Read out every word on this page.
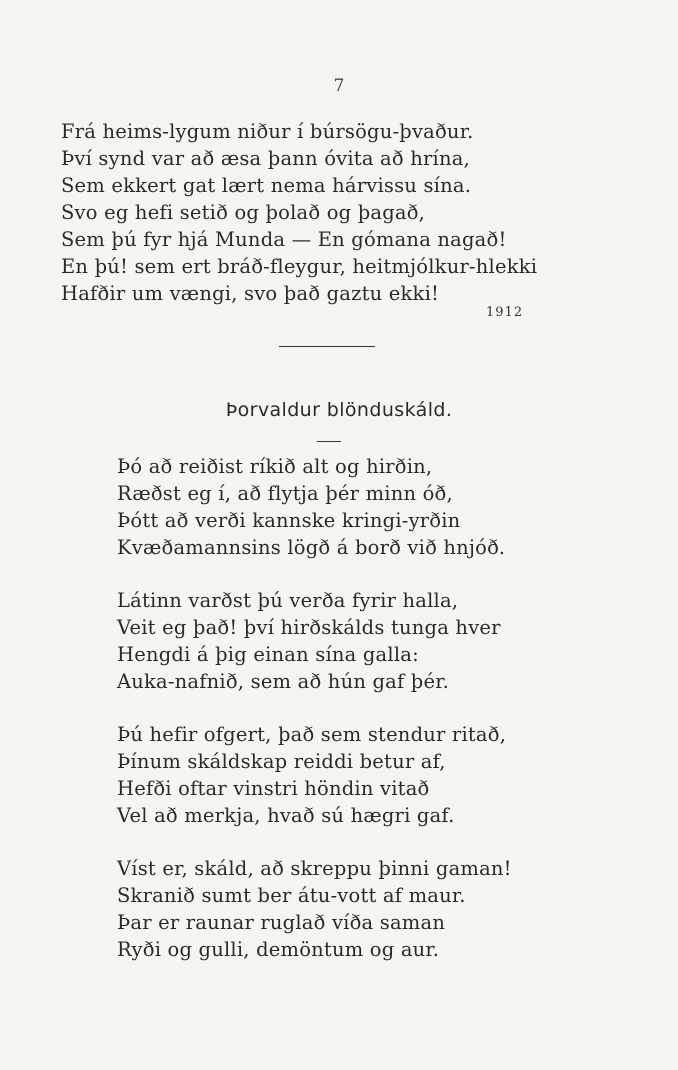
7
Frá heims-lygum niður í búrsögu-þvaður.
Því synd var að æsa þann óvita að hrína,
Sem ekkert gat lært nema hárvissu sína.
Svo eg hefi setið og þolað og þagað,
Sem þú fyr hjá Munda — En gómana nagað!
En þú! sem ert bráð-fleygur, heitmjólkur-hlekki
Hafðir um vængi, svo það gaztu ekki!
1912
Þorvaldur blönduskáld.
Þó að reiðist ríkið alt og hirðin,
Ræðst eg í, að flytja þér minn óð,
Þótt að verði kannske kringi-yrðin
Kvæðamannsins lögð á borð við hnjóð.
Látinn varðst þú verða fyrir halla,
Veit eg það! því hirðskálds tunga hver
Hengdi á þig einan sína galla:
Auka-nafnið, sem að hún gaf þér.
Þú hefir ofgert, það sem stendur ritað,
Þínum skáldskap reiddi betur af,
Hefði oftar vinstri höndin vitað
Vel að merkja, hvað sú hægri gaf.
Víst er, skáld, að skreppu þinni gaman!
Skranið sumt ber átu-vott af maur.
Þar er raunar ruglað víða saman
Ryði og gulli, demöntum og aur.
